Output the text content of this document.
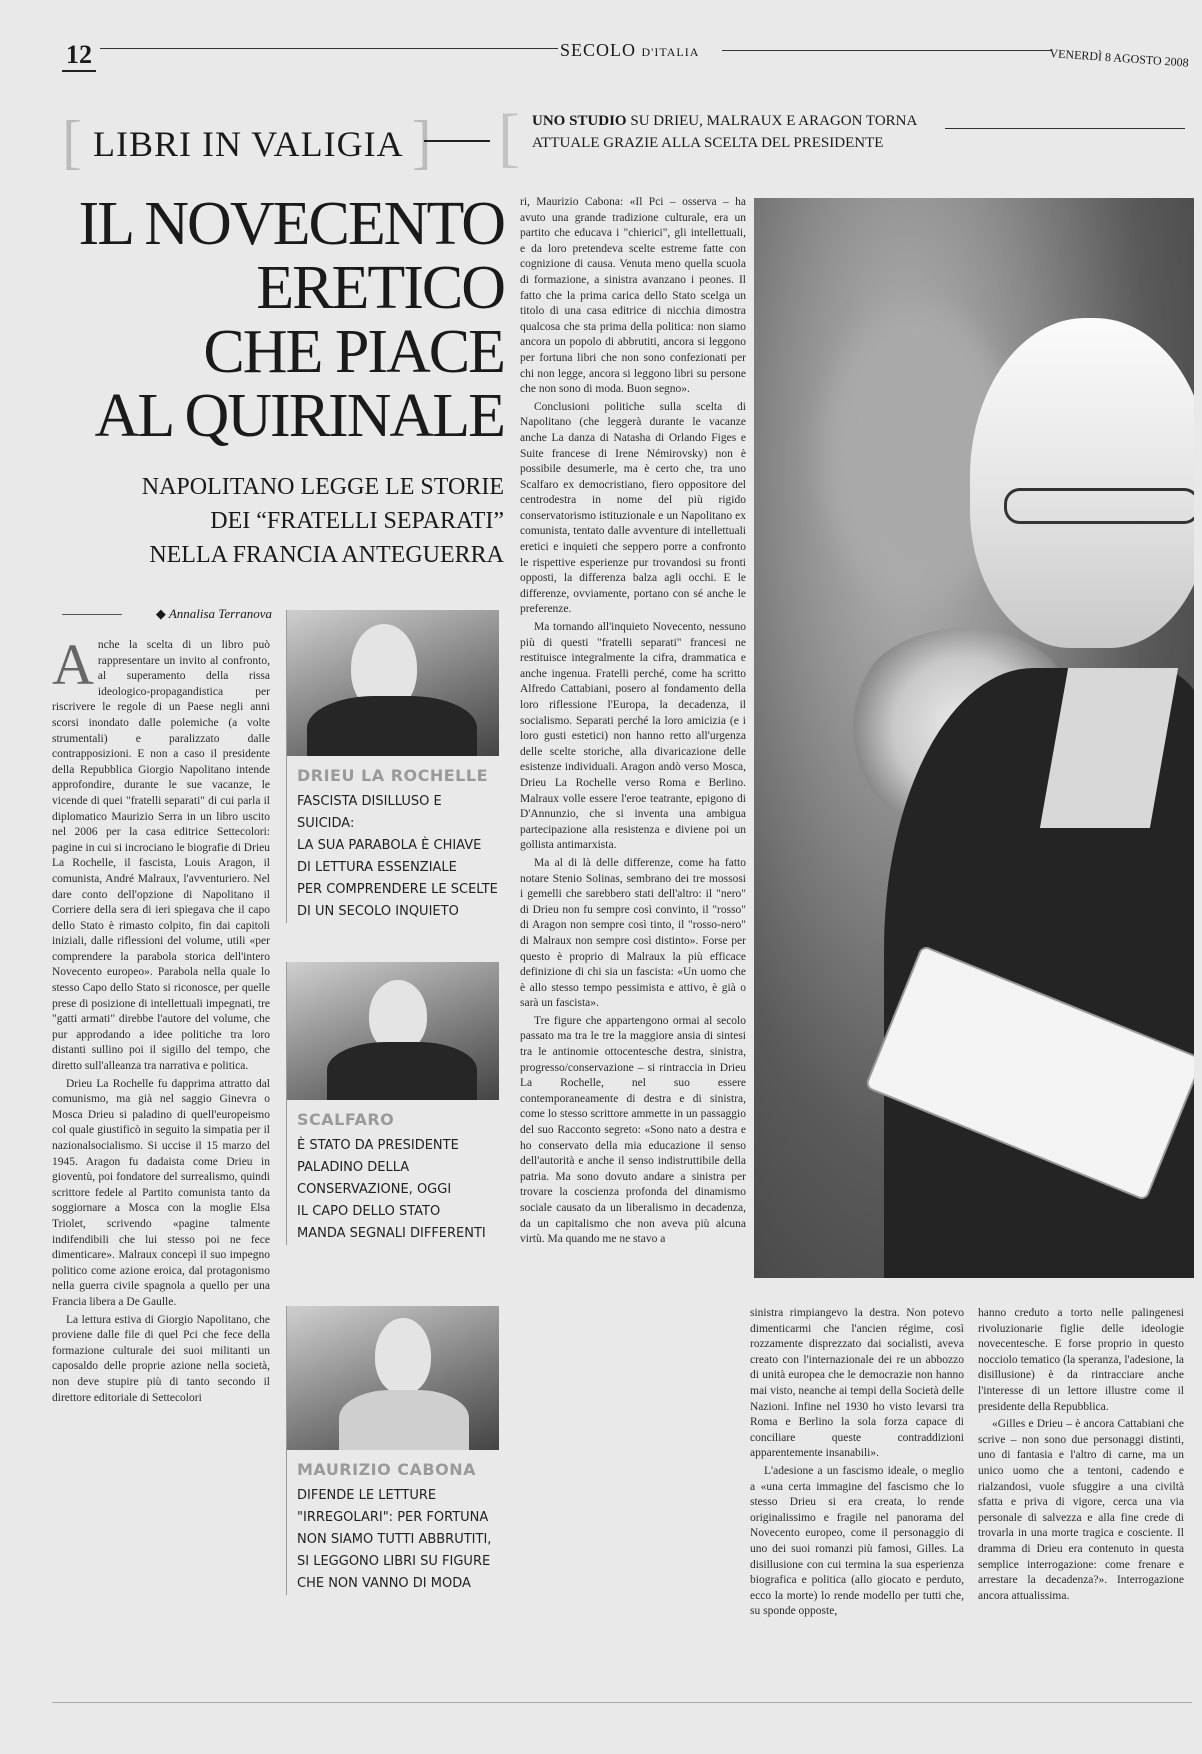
12	SECOLO D'ITALIA	VENERDÌ 8 AGOSTO 2008
[ LIBRI IN VALIGIA ] [ UNO STUDIO SU DRIEU, MALRAUX E ARAGON TORNA ATTUALE GRAZIE ALLA SCELTA DEL PRESIDENTE
IL NOVECENTO
ERETICO
CHE PIACE
AL QUIRINALE
NAPOLITANO LEGGE LE STORIE
DEI “FRATELLI SEPARATI”
NELLA FRANCIA ANTEGUERRA
◆ Annalisa Terranova

Anche la scelta di un libro può rappresentare un invito al confronto, al superamento della rissa ideologico-propagandistica per riscrivere le regole di un Paese negli anni scorsi inondato dalle polemiche (a volte strumentali) e paralizzato dalle contrapposizioni. E non a caso il presidente della Repubblica Giorgio Napolitano intende approfondire, durante le sue vacanze, le vicende di quei "fratelli separati" di cui parla il diplomatico Maurizio Serra in un libro uscito nel 2006 per la casa editrice Settecolori: pagine in cui si incrociano le biografie di Drieu La Rochelle, il fascista, Louis Aragon, il comunista, André Malraux, l'avventuriero. Nel dare conto dell'opzione di Napolitano il Corriere della sera di ieri spiegava che il capo dello Stato è rimasto colpito, fin dai capitoli iniziali, dalle riflessioni del volume, utili «per comprendere la parabola storica dell'intero Novecento europeo». Parabola nella quale lo stesso Capo dello Stato si riconosce, per quelle prese di posizione di intellettuali impegnati, tre "gatti armati" direbbe l'autore del volume, che pur approdando a idee politiche tra loro distanti sullino poi il sigillo del tempo, che diretto sull'alleanza tra narrativa e politica.

Drieu La Rochelle fu dapprima attratto dal comunismo, ma già nel saggio Ginevra o Mosca Drieu si paladino di quell'europeismo col quale giustificò in seguito la simpatia per il nazionalsocialismo. Si uccise il 15 marzo del 1945. Aragon fu dadaista come Drieu in gioventù, poi fondatore del surrealismo, quindi scrittore fedele al Partito comunista tanto da soggiornare a Mosca con la moglie Elsa Triolet, scrivendo «pagine talmente indifendibili che lui stesso poi ne fece dimenticare». Malraux concepì il suo impegno politico come azione eroica, dal protagonismo nella guerra civile spagnola a quello per una Francia libera a De Gaulle.

La lettura estiva di Giorgio Napolitano, che proviene dalle file di quel Pci che fece della formazione culturale dei suoi militanti un caposaldo delle proprie azione nella società, non deve stupire più di tanto secondo il direttore editoriale di Settecolori

DRIEU LA ROCHELLE
FASCISTA DISILLUSO E SUICIDA:
LA SUA PARABOLA È CHIAVE
DI LETTURA ESSENZIALE
PER COMPRENDERE LE SCELTE
DI UN SECOLO INQUIETO
SCALFARO
È STATO DA PRESIDENTE
PALADINO DELLA
CONSERVAZIONE, OGGI
IL CAPO DELLO STATO
MANDA SEGNALI DIFFERENTI
MAURIZIO CABONA
DIFENDE LE LETTURE
"IRREGOLARI": PER FORTUNA
NON SIAMO TUTTI ABBRUTITI,
SI LEGGONO LIBRI SU FIGURE
CHE NON VANNO DI MODA

ri, Maurizio Cabona: «Il Pci – osserva – ha avuto una grande tradizione culturale, era un partito che educava i "chierici", gli intellettuali, e da loro pretendeva scelte estreme fatte con cognizione di causa. Venuta meno quella scuola di formazione, a sinistra avanzano i peones. Il fatto che la prima carica dello Stato scelga un titolo di una casa editrice di nicchia dimostra qualcosa che sta prima della politica: non siamo ancora un popolo di abbrutiti, ancora si leggono per fortuna libri che non sono confezionati per chi non legge, ancora si leggono libri su persone che non sono di moda. Buon segno».

Conclusioni politiche sulla scelta di Napolitano (che leggerà durante le vacanze anche La danza di Natasha di Orlando Figes e Suite francese di Irene Némirovsky) non è possibile desumerle, ma è certo che, tra uno Scalfaro ex democristiano, fiero oppositore del centrodestra in nome del più rigido conservatorismo istituzionale e un Napolitano ex comunista, tentato dalle avventure di intellettuali eretici e inquieti che seppero porre a confronto le rispettive esperienze pur trovandosi su fronti opposti, la differenza balza agli occhi. E le differenze, ovviamente, portano con sé anche le preferenze.

Ma tornando all'inquieto Novecento, nessuno più di questi "fratelli separati" francesi ne restituisce integralmente la cifra, drammatica e anche ingenua. Fratelli perché, come ha scritto Alfredo Cattabiani, posero al fondamento della loro riflessione l'Europa, la decadenza, il socialismo. Separati perché la loro amicizia (e i loro gusti estetici) non hanno retto all'urgenza delle scelte storiche, alla divaricazione delle esistenze individuali. Aragon andò verso Mosca, Drieu La Rochelle verso Roma e Berlino. Malraux volle essere l'eroe teatrante, epigono di D'Annunzio, che si inventa una ambigua partecipazione alla resistenza e diviene poi un gollista antimarxista.

Ma al di là delle differenze, come ha fatto notare Stenio Solinas, sembrano dei tre mossosi i gemelli che sarebbero stati dell'altro: il "nero" di Drieu non fu sempre così convinto, il "rosso" di Aragon non sempre così tinto, il "rosso-nero" di Malraux non sempre così distinto». Forse per questo è proprio di Malraux la più efficace definizione di chi sia un fascista: «Un uomo che è allo stesso tempo pessimista e attivo, è già o sarà un fascista».

Tre figure che appartengono ormai al secolo passato ma tra le tre la maggiore ansia di sintesi tra le antinomie ottocentesche destra, sinistra, progresso/conservazione – si rintraccia in Drieu La Rochelle, nel suo essere contemporaneamente di destra e di sinistra, come lo stesso scrittore ammette in un passaggio del suo Racconto segreto: «Sono nato a destra e ho conservato della mia educazione il senso dell'autorità e anche il senso indistruttibile della patria. Ma sono dovuto andare a sinistra per trovare la coscienza profonda del dinamismo sociale causato da un liberalismo in decadenza, da un capitalismo che non aveva più alcuna virtù. Ma quando me ne stavo a

sinistra rimpiangevo la destra. Non potevo dimenticarmi che l'ancien régime, così rozzamente disprezzato dai socialisti, aveva creato con l'internazionale dei re un abbozzo di unità europea che le democrazie non hanno mai visto, neanche ai tempi della Società delle Nazioni. Infine nel 1930 ho visto levarsi tra Roma e Berlino la sola forza capace di conciliare queste contraddizioni apparentemente insanabili».

L'adesione a un fascismo ideale, o meglio a «una certa immagine del fascismo che lo stesso Drieu si era creata, lo rende originalissimo e fragile nel panorama del Novecento europeo, come il personaggio di uno dei suoi romanzi più famosi, Gilles. La disillusione con cui termina la sua esperienza biografica e politica (allo giocato e perduto, ecco la morte) lo rende modello per tutti che, su sponde opposte,

hanno creduto a torto nelle palingenesi rivoluzionarie figlie delle ideologie novecentesche. E forse proprio in questo nocciolo tematico (la speranza, l'adesione, la disillusione) è da rintracciare anche l'interesse di un lettore illustre come il presidente della Repubblica.

«Gilles e Drieu – è ancora Cattabiani che scrive – non sono due personaggi distinti, uno di fantasia e l'altro di carne, ma un unico uomo che a tentoni, cadendo e rialzandosi, vuole sfuggire a una civiltà sfatta e priva di vigore, cerca una via personale di salvezza e alla fine crede di trovarla in una morte tragica e cosciente. Il dramma di Drieu era contenuto in questa semplice interrogazione: come frenare e arrestare la decadenza?». Interrogazione ancora attualissima.
